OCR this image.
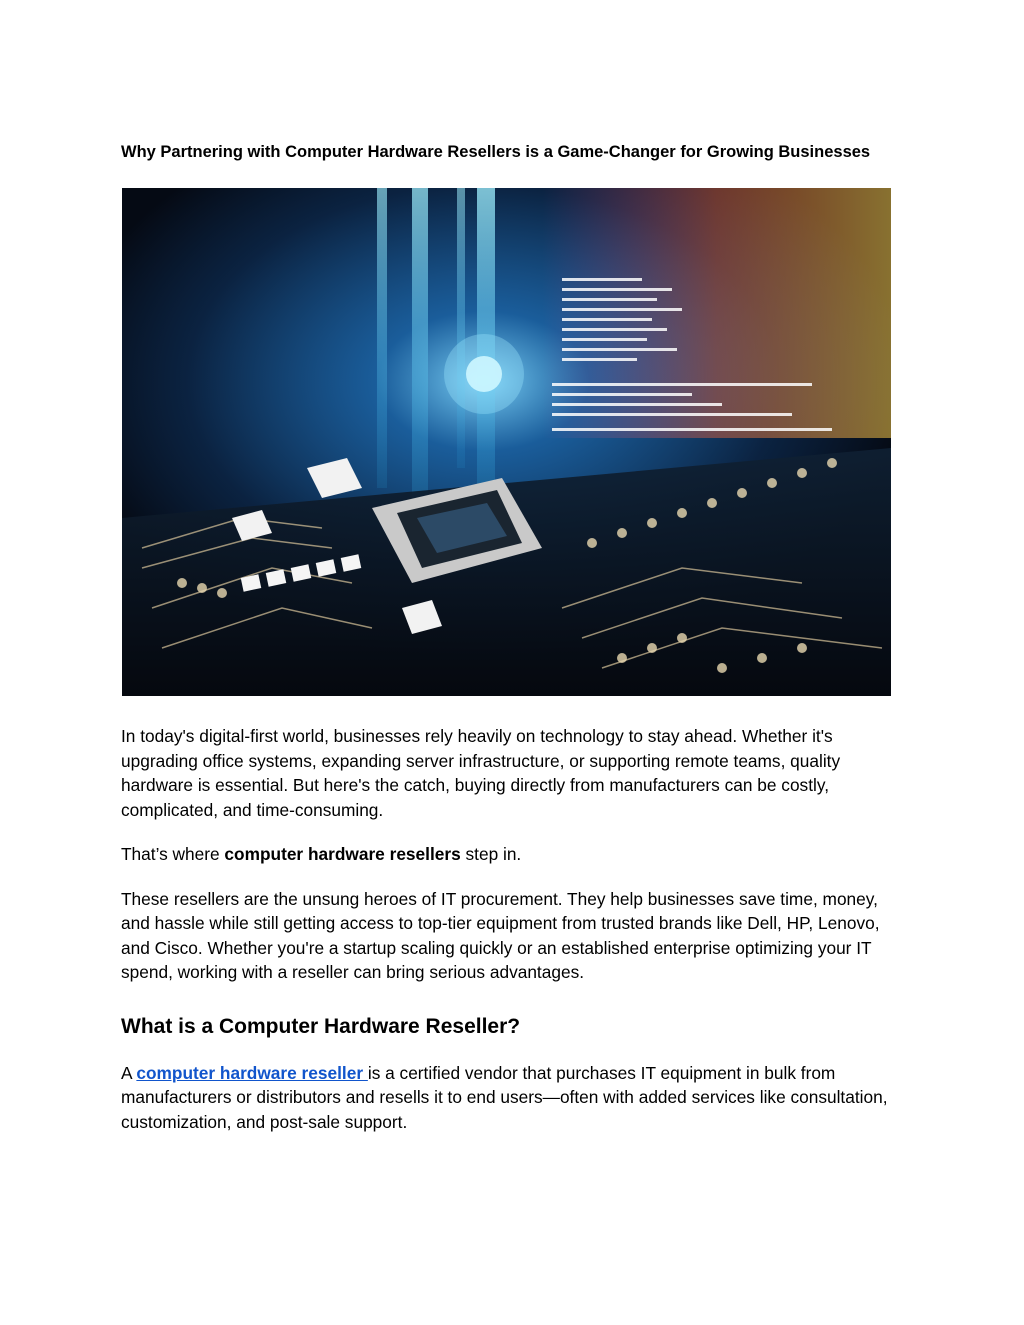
Why Partnering with Computer Hardware Resellers is a Game-Changer for Growing Businesses

In today's digital-first world, businesses rely heavily on technology to stay ahead. Whether it's upgrading office systems, expanding server infrastructure, or supporting remote teams, quality hardware is essential. But here's the catch, buying directly from manufacturers can be costly, complicated, and time-consuming.

That’s where computer hardware resellers step in.

These resellers are the unsung heroes of IT procurement. They help businesses save time, money, and hassle while still getting access to top-tier equipment from trusted brands like Dell, HP, Lenovo, and Cisco. Whether you're a startup scaling quickly or an established enterprise optimizing your IT spend, working with a reseller can bring serious advantages.

What is a Computer Hardware Reseller?

A computer hardware reseller is a certified vendor that purchases IT equipment in bulk from manufacturers or distributors and resells it to end users—often with added services like consultation, customization, and post-sale support.
